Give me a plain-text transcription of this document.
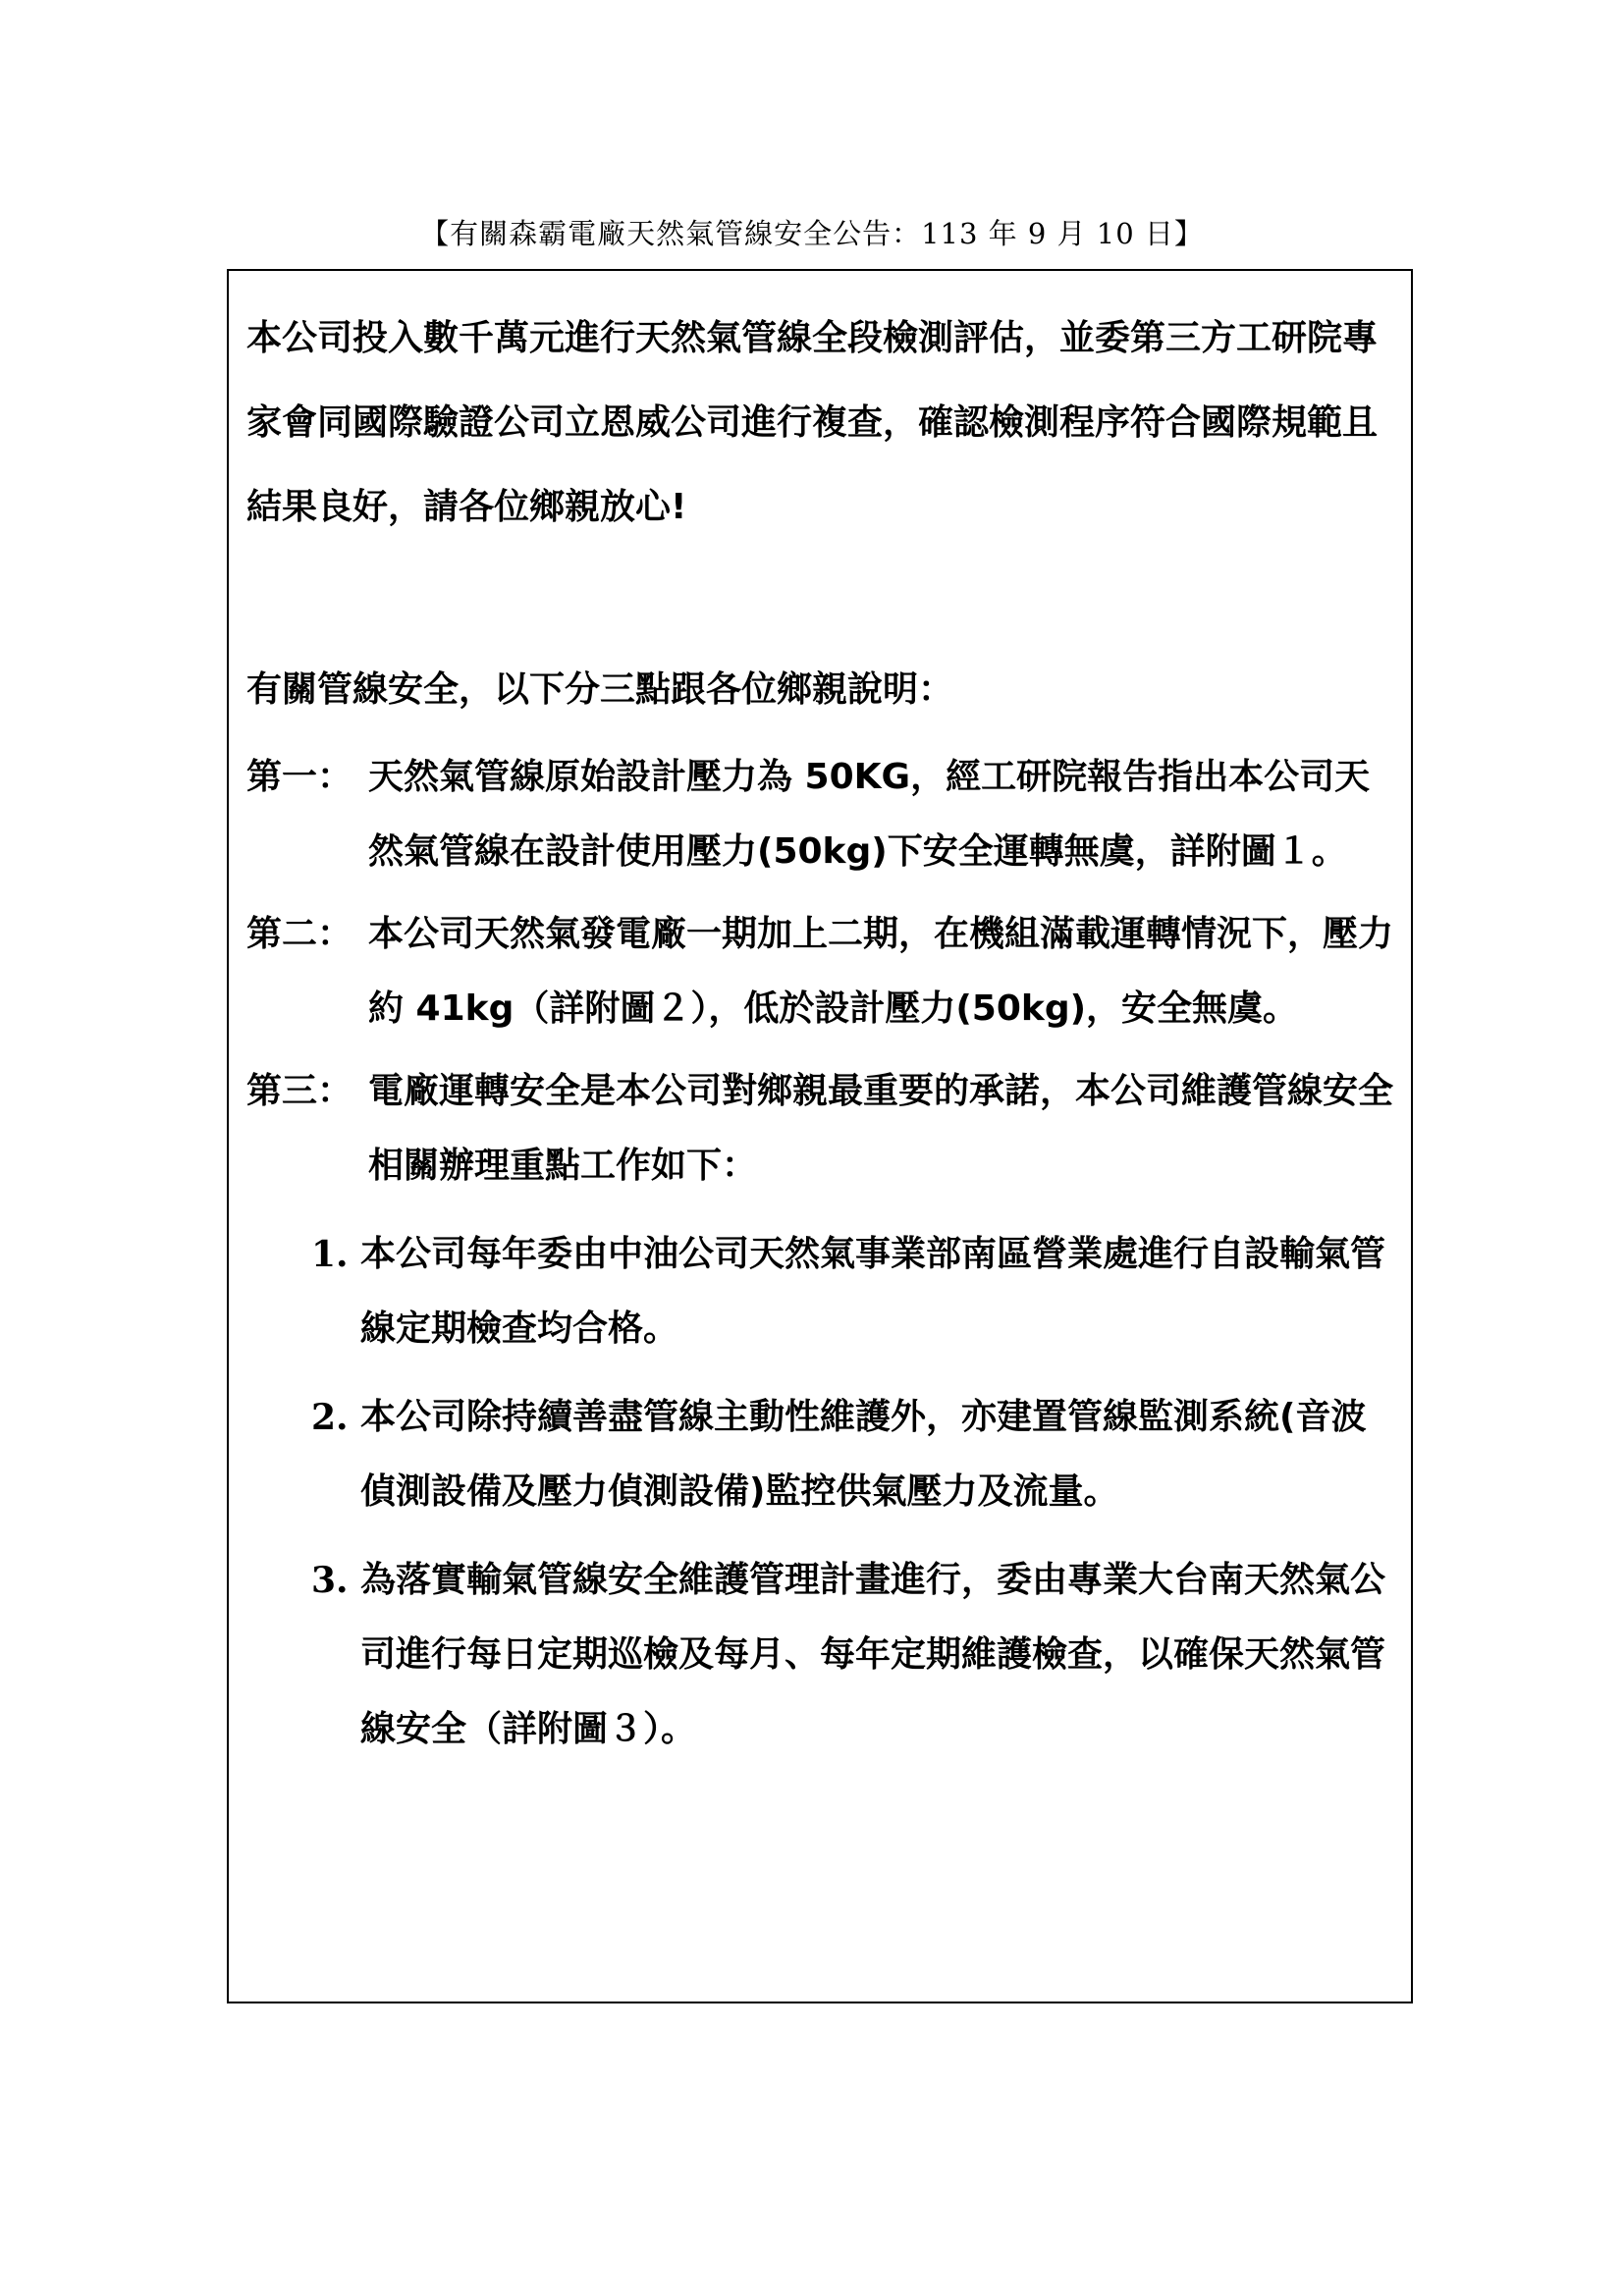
【有關森霸電廠天然氣管線安全公告：113 年 9 月 10 日】

本公司投入數千萬元進行天然氣管線全段檢測評估，並委第三方工研院專家會同國際驗證公司立恩威公司進行複查，確認檢測程序符合國際規範且結果良好，請各位鄉親放心!

有關管線安全，以下分三點跟各位鄉親說明：

第一： 天然氣管線原始設計壓力為 50KG，經工研院報告指出本公司天然氣管線在設計使用壓力(50kg)下安全運轉無虞，詳附圖１。
第二： 本公司天然氣發電廠一期加上二期，在機組滿載運轉情況下，壓力約 41kg（詳附圖２），低於設計壓力(50kg)，安全無虞。
第三： 電廠運轉安全是本公司對鄉親最重要的承諾，本公司維護管線安全相關辦理重點工作如下：
1. 本公司每年委由中油公司天然氣事業部南區營業處進行自設輸氣管線定期檢查均合格。
2. 本公司除持續善盡管線主動性維護外，亦建置管線監測系統(音波偵測設備及壓力偵測設備)監控供氣壓力及流量。
3. 為落實輸氣管線安全維護管理計畫進行，委由專業大台南天然氣公司進行每日定期巡檢及每月、每年定期維護檢查，以確保天然氣管線安全（詳附圖３）。
